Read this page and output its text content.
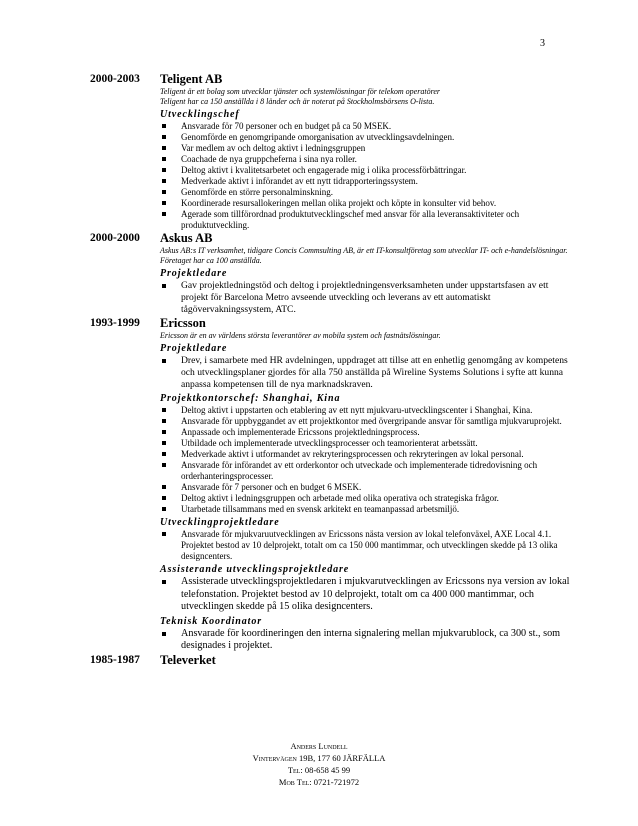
3
2000-2003	Teligent AB
Teligent är ett bolag som utvecklar tjänster och systemlösningar för telekom operatörer
Teligent har ca 150 anställda i 8 länder och är noterat på Stockholmsbörsens O-lista.
Utvecklingschef
Ansvarade för 70 personer och en budget på ca 50 MSEK.
Genomförde en genomgripande omorganisation av utvecklingsavdelningen.
Var medlem av och deltog aktivt i ledningsgruppen
Coachade de nya gruppcheferna i sina nya roller.
Deltog aktivt i kvalitetsarbetet och engagerade mig i olika processförbättringar.
Medverkade aktivt i införandet av ett nytt tidrapporteringssystem.
Genomförde en större personalminskning.
Koordinerade resursallokeringen mellan olika projekt och köpte in konsulter vid behov.
Agerade som tillförordnad produktutvecklingschef med ansvar för alla leveransaktiviteter och produktutveckling.
2000-2000	Askus AB
Askus AB:s IT verksamhet, tidigare Concis Commsulting AB, är ett IT-konsultföretag som utvecklar IT- och e-handelslösningar. Företaget har ca 100 anställda.
Projektledare
Gav projektledningstöd och deltog i projektledningensverksamheten under uppstartsfasen av ett projekt för Barcelona Metro avseende utveckling och leverans av ett automatiskt tågövervakningssystem, ATC.
1993-1999	Ericsson
Ericsson är en av världens största leverantörer av mobila system och fastnätslösningar.
Projektledare
Drev, i samarbete med HR avdelningen, uppdraget att tillse att en enhetlig genomgång av kompetens och utvecklingsplaner gjordes för alla 750 anställda på Wireline Systems Solutions i syfte att kunna anpassa kompetensen till de nya marknadskraven.
Projektkontorschef: Shanghai, Kina
Deltog aktivt i uppstarten och etablering av ett nytt mjukvaru-utvecklingscenter i Shanghai, Kina.
Ansvarade för uppbyggandet av ett projektkontor med övergripande ansvar för samtliga mjukvaruprojekt.
Anpassade och implementerade Ericssons projektledningsprocess.
Utbildade och implementerade utvecklingsprocesser och teamorienterat arbetssätt.
Medverkade aktivt i utformandet av rekryteringsprocessen och rekryteringen av lokal personal.
Ansvarade för införandet av ett orderkontor och utveckade och implementerade tidredovisning och orderhanteringsprocesser.
Ansvarade för 7 personer och en budget 6 MSEK.
Deltog aktivt i ledningsgruppen och arbetade med olika operativa och strategiska frågor.
Utarbetade tillsammans med en svensk arkitekt en teamanpassad arbetsmiljö.
Utvecklingprojektledare
Ansvarade för mjukvaruutvecklingen av Ericssons nästa version av lokal telefonväxel, AXE Local 4.1. Projektet bestod av 10 delprojekt, totalt om ca 150 000 mantimmar, och utvecklingen skedde på 13 olika designcenters.
Assisterande utvecklingsprojektledare
Assisterade utvecklingsprojektledaren i mjukvarutvecklingen av Ericssons nya version av lokal telefonstation. Projektet bestod av 10 delprojekt, totalt om ca 400 000 mantimmar, och utvecklingen skedde på 15 olika designcenters.
Teknisk Koordinator
Ansvarade för koordineringen den interna signalering mellan mjukvarublock, ca 300 st., som designades i projektet.
1985-1987	Televerket
Anders Lundell
Vintervägen 19B, 177 60 JÄRFÄLLA
Tel: 08-658 45 99
Mob Tel: 0721-721972
